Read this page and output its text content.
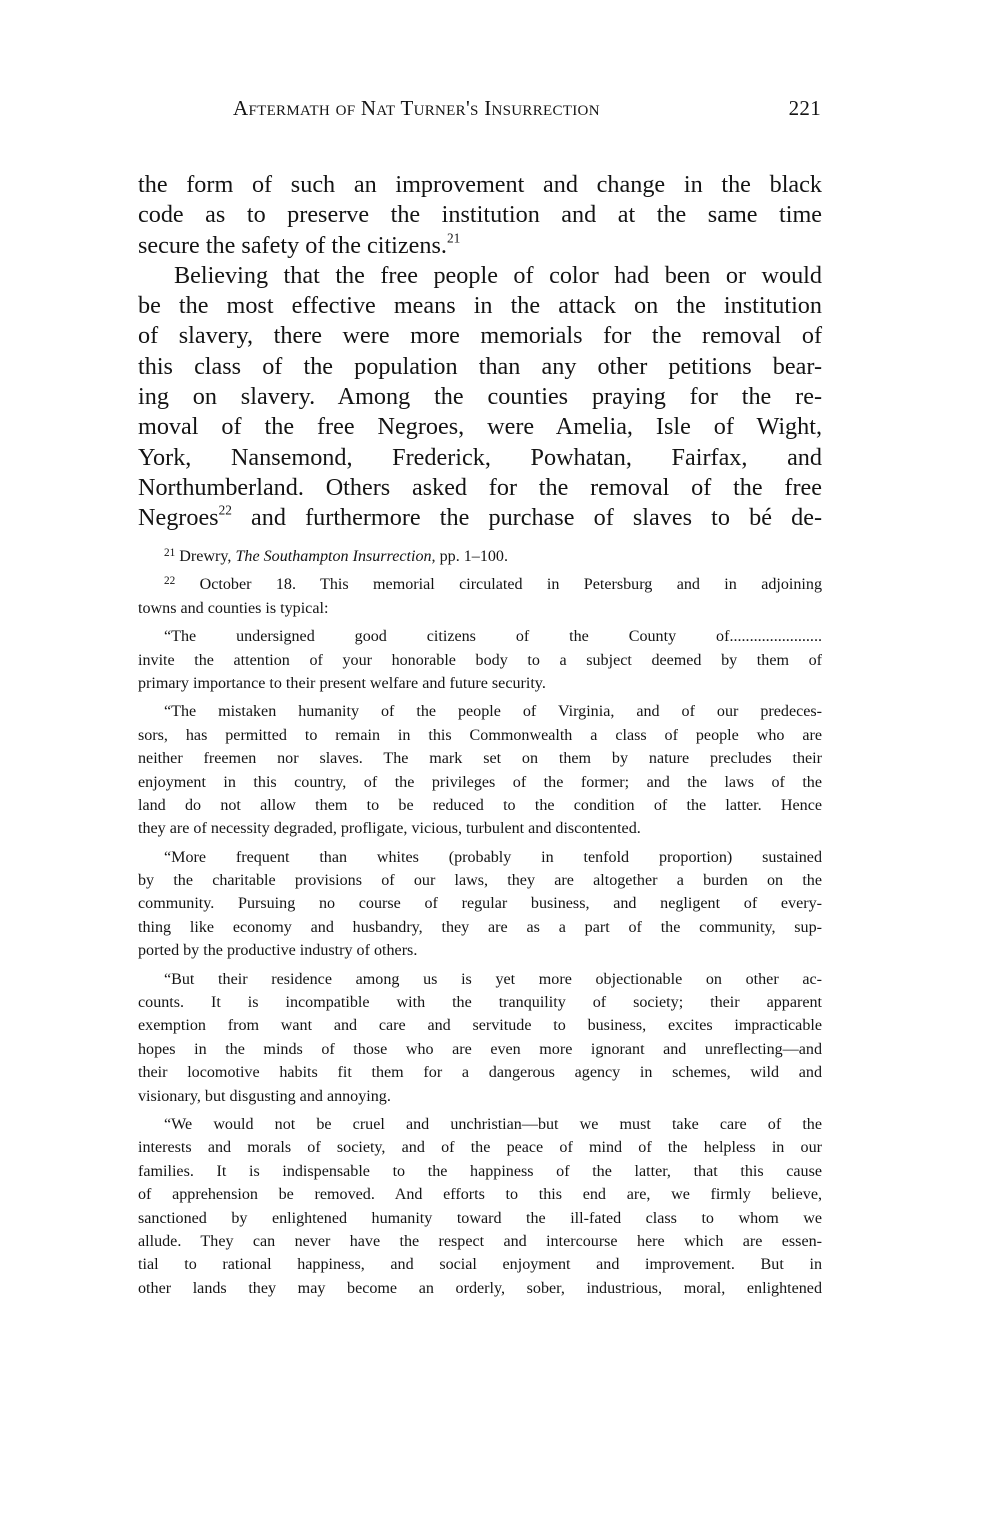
Aftermath of Nat Turner's Insurrection	221
the form of such an improvement and change in the black
code as to preserve the institution and at the same time
secure the safety of the citizens.$^{21}$
Believing that the free people of color had been or would
be the most effective means in the attack on the institution
of slavery, there were more memorials for the removal of
this class of the population than any other petitions bear-
ing on slavery. Among the counties praying for the re-
moval of the free Negroes, were Amelia, Isle of Wight,
York, Nansemond, Frederick, Powhatan, Fairfax, and
Northumberland. Others asked for the removal of the free
Negroes$^{22}$ and furthermore the purchase of slaves to bé de-
$^{21}$ Drewry, The Southampton Insurrection, pp. 1–100.
$^{22}$ October 18. This memorial circulated in Petersburg and in adjoining
towns and counties is typical:
“The undersigned good citizens of the County of.......................
invite the attention of your honorable body to a subject deemed by them of
primary importance to their present welfare and future security.
“The mistaken humanity of the people of Virginia, and of our predeces-
sors, has permitted to remain in this Commonwealth a class of people who are
neither freemen nor slaves. The mark set on them by nature precludes their
enjoyment in this country, of the privileges of the former; and the laws of the
land do not allow them to be reduced to the condition of the latter. Hence
they are of necessity degraded, profligate, vicious, turbulent and discontented.
“More frequent than whites (probably in tenfold proportion) sustained
by the charitable provisions of our laws, they are altogether a burden on the
community. Pursuing no course of regular business, and negligent of every-
thing like economy and husbandry, they are as a part of the community, sup-
ported by the productive industry of others.
“But their residence among us is yet more objectionable on other ac-
counts. It is incompatible with the tranquility of society; their apparent
exemption from want and care and servitude to business, excites impracticable
hopes in the minds of those who are even more ignorant and unreflecting—and
their locomotive habits fit them for a dangerous agency in schemes, wild and
visionary, but disgusting and annoying.
“We would not be cruel and unchristian—but we must take care of the
interests and morals of society, and of the peace of mind of the helpless in our
families. It is indispensable to the happiness of the latter, that this cause
of apprehension be removed. And efforts to this end are, we firmly believe,
sanctioned by enlightened humanity toward the ill-fated class to whom we
allude. They can never have the respect and intercourse here which are essen-
tial to rational happiness, and social enjoyment and improvement. But in
other lands they may become an orderly, sober, industrious, moral, enlightened
